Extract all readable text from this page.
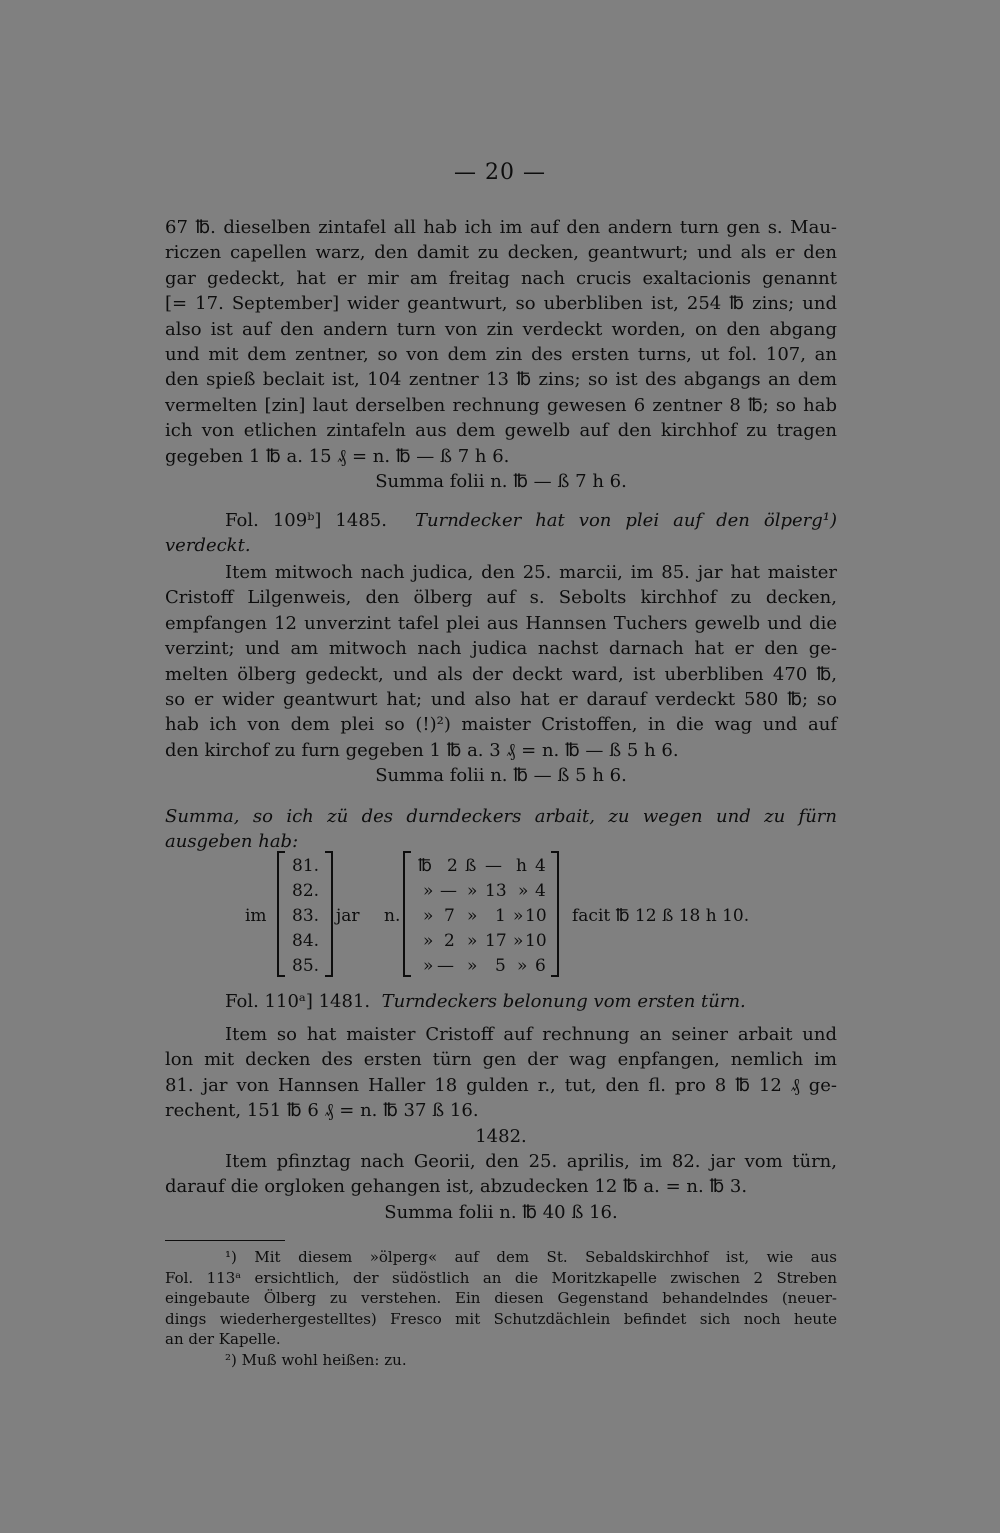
— 20 —
67 ℔. dieselben zintafel all hab ich im auf den andern turn gen s. Mau-
riczen capellen warz, den damit zu decken, geantwurt; und als er den
gar gedeckt, hat er mir am freitag nach crucis exaltacionis genannt
[= 17. September] wider geantwurt, so uberbliben ist, 254 ℔ zins; und
also ist auf den andern turn von zin verdeckt worden, on den abgang
und mit dem zentner, so von dem zin des ersten turns, ut fol. 107, an
den spieß beclait ist, 104 zentner 13 ℔ zins; so ist des abgangs an dem
vermelten [zin] laut derselben rechnung gewesen 6 zentner 8 ℔; so hab
ich von etlichen zintafeln aus dem gewelb auf den kirchhof zu tragen
gegeben 1 ℔ a. 15 ₰ = n. ℔ — ß 7 h 6.
Summa folii n. ℔ — ß 7 h 6.
Fol. 109ᵇ] 1485. Turndecker hat von plei auf den ölperg¹)
verdeckt.
Item mitwoch nach judica, den 25. marcii, im 85. jar hat maister
Cristoff Lilgenweis, den ölberg auf s. Sebolts kirchhof zu decken,
empfangen 12 unverzint tafel plei aus Hannsen Tuchers gewelb und die
verzint; und am mitwoch nach judica nachst darnach hat er den ge-
melten ölberg gedeckt, und als der deckt ward, ist uberbliben 470 ℔,
so er wider geantwurt hat; und also hat er darauf verdeckt 580 ℔; so
hab ich von dem plei so (!)²) maister Cristoffen, in die wag und auf
den kirchof zu furn gegeben 1 ℔ a. 3 ₰ = n. ℔ — ß 5 h 6.
Summa folii n. ℔ — ß 5 h 6.
Summa, so ich zü des durndeckers arbait, zu wegen und zu fürn
ausgeben hab:
im
81.
82.
83.
84.
85.
jar n.
℔ 2 ß — h 4
» — » 13 » 4
» 7 » 1 » 10
» 2 » 17 » 10
» — » 5 » 6
facit ℔ 12 ß 18 h 10.
Fol. 110ᵃ] 1481. Turndeckers belonung vom ersten türn.
Item so hat maister Cristoff auf rechnung an seiner arbait und
lon mit decken des ersten türn gen der wag enpfangen, nemlich im
81. jar von Hannsen Haller 18 gulden r., tut, den fl. pro 8 ℔ 12 ₰ ge-
rechent, 151 ℔ 6 ₰ = n. ℔ 37 ß 16.
1482.
Item pfinztag nach Georii, den 25. aprilis, im 82. jar vom türn,
darauf die orgloken gehangen ist, abzudecken 12 ℔ a. = n. ℔ 3.
Summa folii n. ℔ 40 ß 16.
¹) Mit diesem »ölperg« auf dem St. Sebaldskirchhof ist, wie aus
Fol. 113ᵃ ersichtlich, der südöstlich an die Moritzkapelle zwischen 2 Streben
eingebaute Ölberg zu verstehen. Ein diesen Gegenstand behandelndes (neuer-
dings wiederhergestelltes) Fresco mit Schutzdächlein befindet sich noch heute
an der Kapelle.
²) Muß wohl heißen: zu.
